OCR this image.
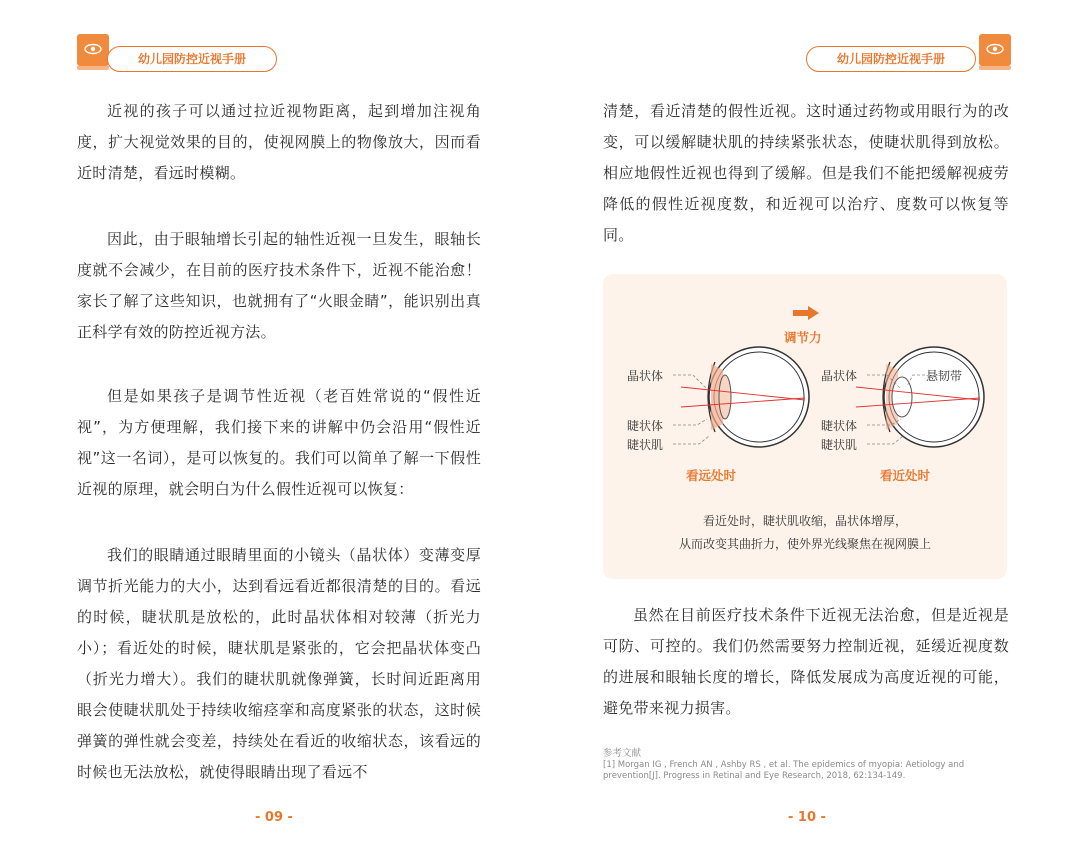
幼儿园防控近视手册

近视的孩子可以通过拉近视物距离，起到增加注视角度，扩大视觉效果的目的，使视网膜上的物像放大，因而看近时清楚，看远时模糊。

因此，由于眼轴增长引起的轴性近视一旦发生，眼轴长度就不会减少，在目前的医疗技术条件下，近视不能治愈！家长了解了这些知识，也就拥有了“火眼金睛”，能识别出真正科学有效的防控近视方法。

但是如果孩子是调节性近视（老百姓常说的“假性近视”，为方便理解，我们接下来的讲解中仍会沿用“假性近视”这一名词），是可以恢复的。我们可以简单了解一下假性近视的原理，就会明白为什么假性近视可以恢复：

我们的眼睛通过眼睛里面的小镜头（晶状体）变薄变厚调节折光能力的大小，达到看远看近都很清楚的目的。看远的时候，睫状肌是放松的，此时晶状体相对较薄（折光力小）；看近处的时候，睫状肌是紧张的，它会把晶状体变凸（折光力增大）。我们的睫状肌就像弹簧，长时间近距离用眼会使睫状肌处于持续收缩痉挛和高度紧张的状态，这时候弹簧的弹性就会变差，持续处在看近的收缩状态，该看远的时候也无法放松，就使得眼睛出现了看远不

- 09 -
幼儿园防控近视手册

清楚，看近清楚的假性近视。这时通过药物或用眼行为的改变，可以缓解睫状肌的持续紧张状态，使睫状肌得到放松。相应地假性近视也得到了缓解。但是我们不能把缓解视疲劳降低的假性近视度数，和近视可以治疗、度数可以恢复等同。

调节力
晶状体
睫状体
睫状肌
看远处时
晶状体	悬韧带
睫状体
睫状肌
看近处时
看近处时，睫状肌收缩，晶状体增厚，
从而改变其曲折力，使外界光线聚焦在视网膜上

虽然在目前医疗技术条件下近视无法治愈，但是近视是可防、可控的。我们仍然需要努力控制近视，延缓近视度数的进展和眼轴长度的增长，降低发展成为高度近视的可能，避免带来视力损害。

参考文献
[1] Morgan IG , French AN , Ashby RS , et al. The epidemics of myopia: Aetiology and
prevention[J]. Progress in Retinal and Eye Research, 2018, 62:134-149.
- 10 -
